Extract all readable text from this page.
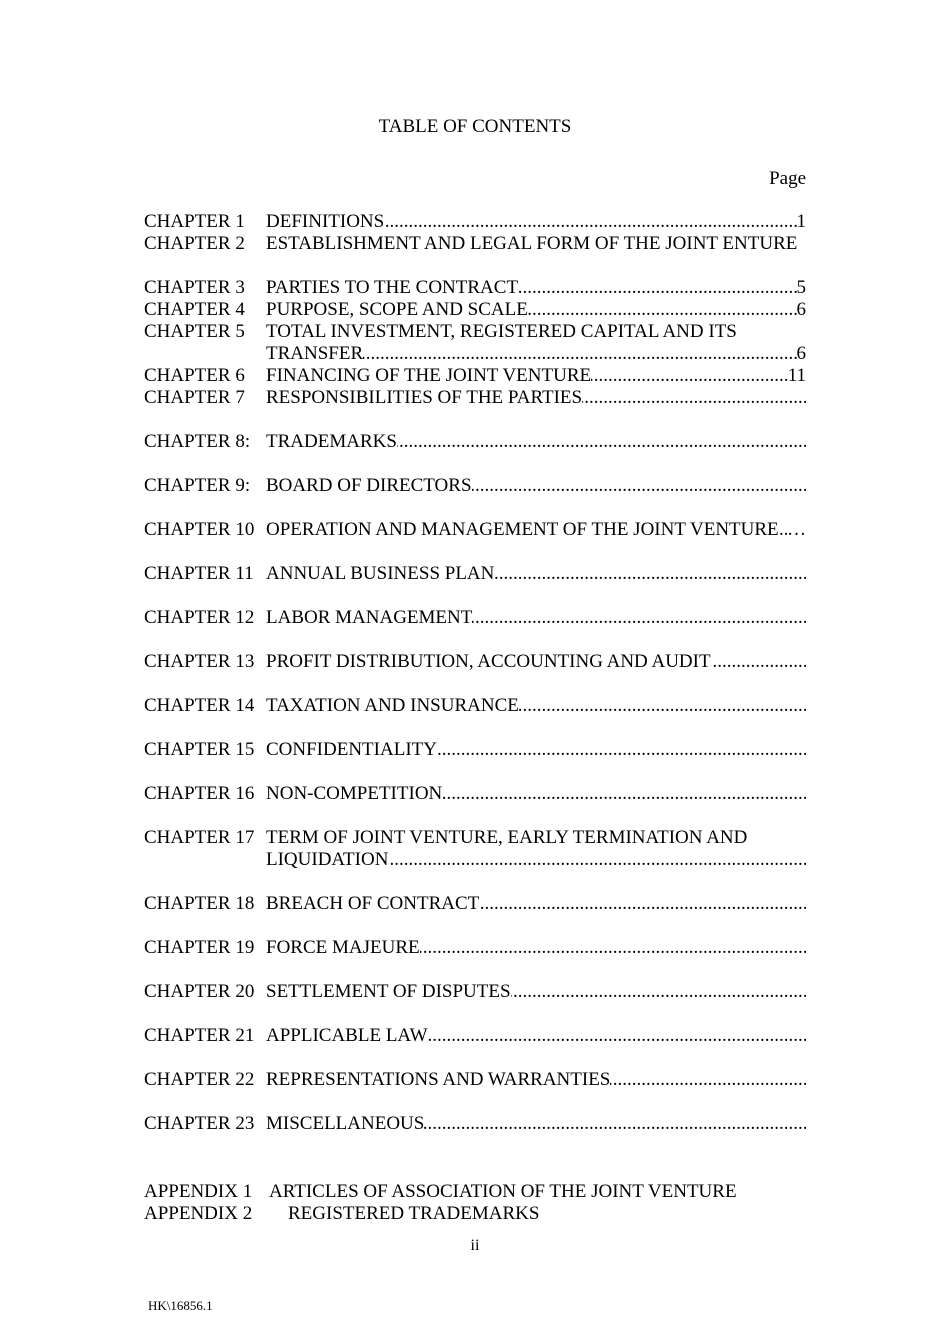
TABLE OF CONTENTS
Page
CHAPTER 1 DEFINITIONS	1
.....
CHAPTER 2 ESTABLISHMENT AND LEGAL FORM OF THE JOINT ENTURE
CHAPTER 3 PARTIES TO THE CONTRACT	5
.....
CHAPTER 4 PURPOSE, SCOPE AND SCALE	6
.....
CHAPTER 5 TOTAL INVESTMENT, REGISTERED CAPITAL AND ITS
TRANSFER	6
.....
CHAPTER 6 FINANCING OF THE JOINT VENTURE	11
.....
CHAPTER 7 RESPONSIBILITIES OF THE PARTIES .....
CHAPTER 8: TRADEMARKS .....
CHAPTER 9: BOARD OF DIRECTORS .....
CHAPTER 10 OPERATION AND MANAGEMENT OF THE JOINT VENTURE …
.....
CHAPTER 11 ANNUAL BUSINESS PLAN .....
CHAPTER 12 LABOR MANAGEMENT .....
CHAPTER 13 PROFIT DISTRIBUTION, ACCOUNTING AND AUDIT .....
CHAPTER 14 TAXATION AND INSURANCE .....
CHAPTER 15 CONFIDENTIALITY .....
CHAPTER 16 NON-COMPETITION .....
CHAPTER 17 TERM OF JOINT VENTURE, EARLY TERMINATION AND
LIQUIDATION .....
CHAPTER 18 BREACH OF CONTRACT .....
CHAPTER 19 FORCE MAJEURE .....
CHAPTER 20 SETTLEMENT OF DISPUTES .....
CHAPTER 21 APPLICABLE LAW .....
CHAPTER 22 REPRESENTATIONS AND WARRANTIES .....
CHAPTER 23 MISCELLANEOUS .....
APPENDIX 1 ARTICLES OF ASSOCIATION OF THE JOINT VENTURE
APPENDIX 2 REGISTERED TRADEMARKS
ii
HK\16856.1
